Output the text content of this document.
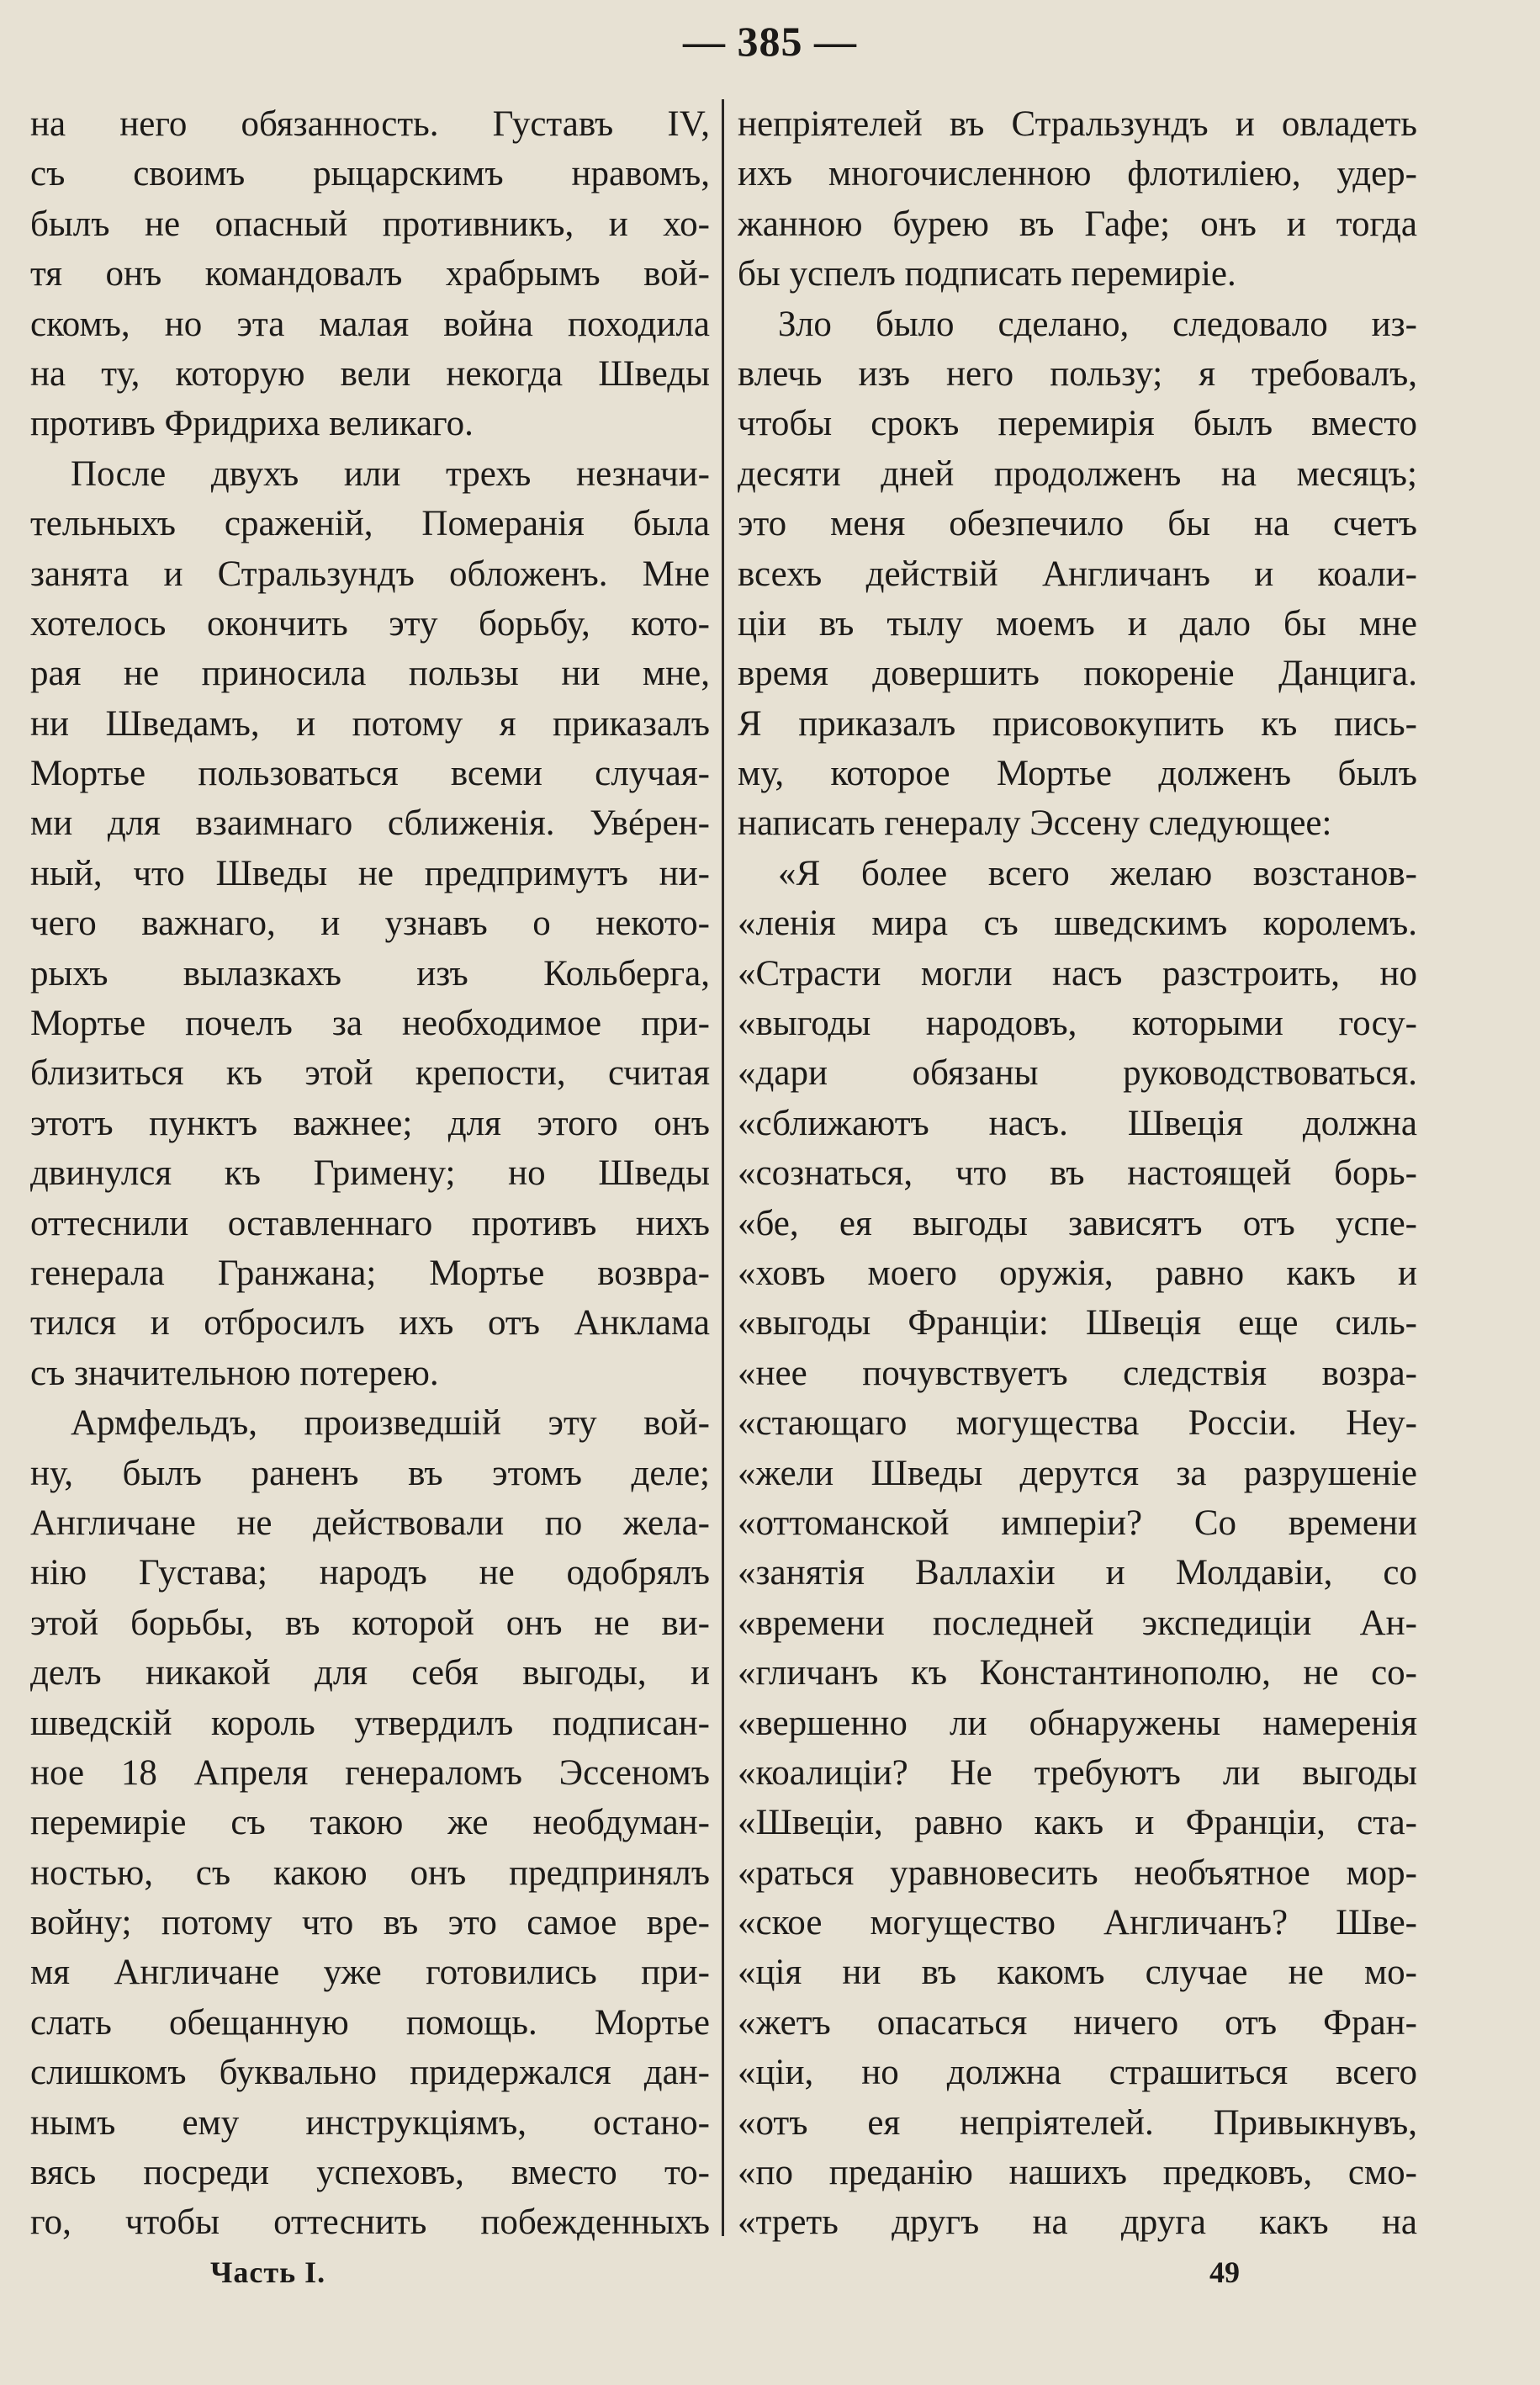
— 385 —
на него обязанность. Густавъ IV,
съ своимъ рыцарскимъ нравомъ,
былъ не опасный противникъ, и хо-
тя онъ командовалъ храбрымъ вой-
скомъ, но эта малая война походила
на ту, которую вели некогда Шведы
противъ Фридриха великаго.
После двухъ или трехъ незначи-
тельныхъ сраженій, Померанія была
занята и Стральзундъ обложенъ. Мне
хотелось окончить эту борьбу, кото-
рая не приносила пользы ни мне,
ни Шведамъ, и потому я приказалъ
Мортье пользоваться всеми случая-
ми для взаимнаго сближенія. Увéрен-
ный, что Шведы не предпримутъ ни-
чего важнаго, и узнавъ о некото-
рыхъ вылазкахъ изъ Кольберга,
Мортье почелъ за необходимое при-
близиться къ этой крепости, считая
этотъ пунктъ важнее; для этого онъ
двинулся къ Гримену; но Шведы
оттеснили оставленнаго противъ нихъ
генерала Гранжана; Мортье возвра-
тился и отбросилъ ихъ отъ Анклама
съ значительною потерею.
Армфельдъ, произведшій эту вой-
ну, былъ раненъ въ этомъ деле;
Англичане не действовали по жела-
нію Густава; народъ не одобрялъ
этой борьбы, въ которой онъ не ви-
делъ никакой для себя выгоды, и
шведскій король утвердилъ подписан-
ное 18 Апреля генераломъ Эссеномъ
перемиріе съ такою же необдуман-
ностью, съ какою онъ предпринялъ
войну; потому что въ это самое вре-
мя Англичане уже готовились при-
слать обещанную помощь. Мортье
слишкомъ буквально придержался дан-
нымъ ему инструкціямъ, остано-
вясь посреди успеховъ, вместо то-
го, чтобы оттеснить побежденныхъ
непріятелей въ Стральзундъ и овладеть
ихъ многочисленною флотиліею, удер-
жанною бурею въ Гафе; онъ и тогда
бы успелъ подписать перемиріе.
Зло было сделано, следовало из-
влечь изъ него пользу; я требовалъ,
чтобы срокъ перемирія былъ вместо
десяти дней продолженъ на месяцъ;
это меня обезпечило бы на счетъ
всехъ действій Англичанъ и коали-
ціи въ тылу моемъ и дало бы мне
время довершить покореніе Данцига.
Я приказалъ присовокупить къ пись-
му, которое Мортье долженъ былъ
написать генералу Эссену следующее:
«Я более всего желаю возстанов-
«ленія мира съ шведскимъ королемъ.
«Страсти могли насъ разстроить, но
«выгоды народовъ, которыми госу-
«дари обязаны руководствоваться.
«сближаютъ насъ. Швеція должна
«сознаться, что въ настоящей борь-
«бе, ея выгоды зависятъ отъ успе-
«ховъ моего оружія, равно какъ и
«выгоды Франціи: Швеція еще силь-
«нее почувствуетъ следствія возра-
«стающаго могущества Россіи. Неу-
«жели Шведы дерутся за разрушеніе
«оттоманской имперіи? Со времени
«занятія Валлахіи и Молдавіи, со
«времени последней экспедиціи Ан-
«гличанъ къ Константинополю, не со-
«вершенно ли обнаружены намеренія
«коалиціи? Не требуютъ ли выгоды
«Швеціи, равно какъ и Франціи, ста-
«раться уравновесить необъятное мор-
«ское могущество Англичанъ? Шве-
«ція ни въ какомъ случае не мо-
«жетъ опасаться ничего отъ Фран-
«ціи, но должна страшиться всего
«отъ ея непріятелей. Привыкнувъ,
«по преданію нашихъ предковъ, смо-
«треть другъ на друга какъ на
Часть I.	49
